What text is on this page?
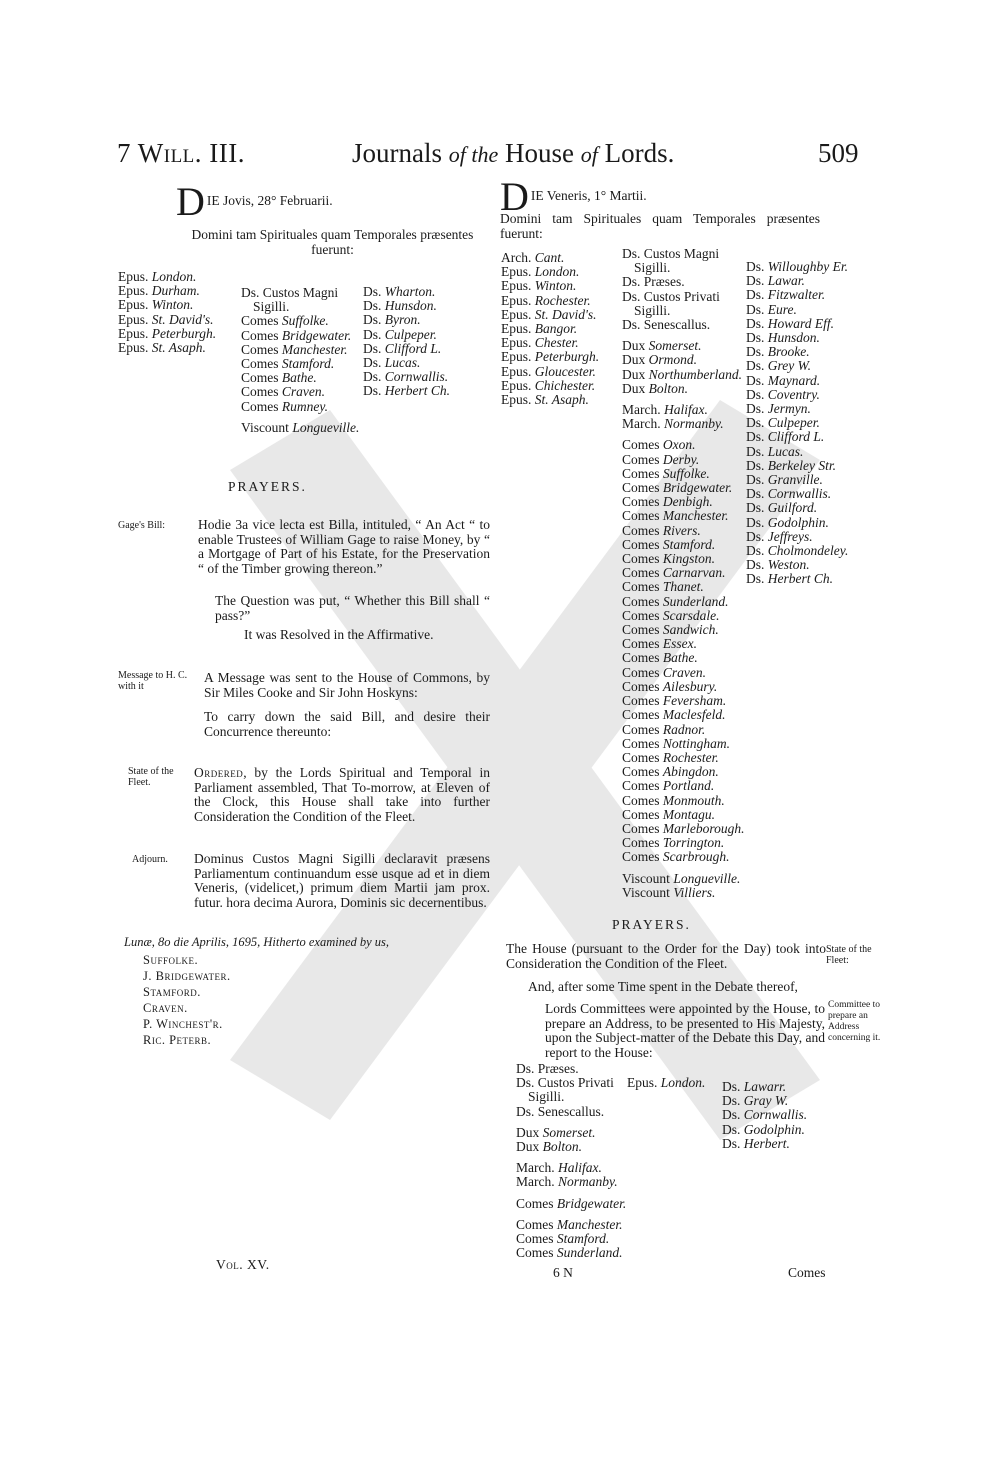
7 Will. III.	Journals of the House of Lords.	509
D $_{IE Jovis, 28^\circ Februarii.}$
Domini tam Spirituales quam Temporales præsentes fuerunt:
Epus. London.
Epus. Durham.
Epus. Winton.
Epus. St. David's.
Epus. Peterburgh.
Epus. St. Asaph.
Ds. Custos Magni
Sigilli.
Comes Suffolke.
Comes Bridgewater.
Comes Manchester.
Comes Stamford.
Comes Bathe.
Comes Craven.
Comes Rumney.
Viscount Longueville.
Ds. Wharton.
Ds. Hunsdon.
Ds. Byron.
Ds. Culpeper.
Ds. Clifford L.
Ds. Lucas.
Ds. Cornwallis.
Ds. Herbert Ch.
PRAYERS.
Gage's Bill: Hodie 3a vice lecta est Billa, intituled, “ An Act “ to enable Trustees of William Gage to raise Money, by “ a Mortgage of Part of his Estate, for the Preservation “ of the Timber growing thereon.”
The Question was put, “ Whether this Bill shall “ pass?”
It was Resolved in the Affirmative.
Message to H. C. with it
A Message was sent to the House of Commons, by Sir Miles Cooke and Sir John Hoskyns:
To carry down the said Bill, and desire their Concurrence thereunto:
State of the Fleet.
Ordered, by the Lords Spiritual and Temporal in Parliament assembled, That To-morrow, at Eleven of the Clock, this House shall take into further Consideration the Condition of the Fleet.
Adjourn. Dominus Custos Magni Sigilli declaravit præsens Parliamentum continuandum esse usque ad et in diem Veneris, (videlicet,) primum diem Martii jam prox. futur. hora decima Aurora, Dominis sic decernentibus.
Lunæ, 8o die Aprilis, 1695, Hitherto examined by us,
Suffolke.
J. Bridgewater.
Stamford.
Craven.
P. Winchest'r.
Ric. Peterb.
Vol. XV.
D $_{IE Veneris, 1^\circ Martii.}$
Domini tam Spirituales quam Temporales præsentes fuerunt:
Arch. Cant.
Epus. London.
Epus. Winton.
Epus. Rochester.
Epus. St. David's.
Epus. Bangor.
Epus. Chester.
Epus. Peterburgh.
Epus. Gloucester.
Epus. Chichester.
Epus. St. Asaph.
Ds. Custos Magni
Sigilli.
Ds. Præses.
Ds. Custos Privati
Sigilli.
Ds. Senescallus.
Dux Somerset.
Dux Ormond.
Dux Northumberland.
Dux Bolton.
March. Halifax.
March. Normanby.
Comes Oxon.
Comes Derby.
Comes Suffolke.
Comes Bridgewater.
Comes Denbigh.
Comes Manchester.
Comes Rivers.
Comes Stamford.
Comes Kingston.
Comes Carnarvan.
Comes Thanet.
Comes Sunderland.
Comes Scarsdale.
Comes Sandwich.
Comes Essex.
Comes Bathe.
Comes Craven.
Comes Ailesbury.
Comes Feversham.
Comes Maclesfeld.
Comes Radnor.
Comes Nottingham.
Comes Rochester.
Comes Abingdon.
Comes Portland.
Comes Monmouth.
Comes Montagu.
Comes Marleborough.
Comes Torrington.
Comes Scarbrough.
Viscount Longueville.
Viscount Villiers.
Ds. Willoughby Er.
Ds. Lawar.
Ds. Fitzwalter.
Ds. Eure.
Ds. Howard Eff.
Ds. Hunsdon.
Ds. Brooke.
Ds. Grey W.
Ds. Maynard.
Ds. Coventry.
Ds. Jermyn.
Ds. Culpeper.
Ds. Clifford L.
Ds. Lucas.
Ds. Berkeley Str.
Ds. Granville.
Ds. Cornwallis.
Ds. Guilford.
Ds. Godolphin.
Ds. Jeffreys.
Ds. Cholmondeley.
Ds. Weston.
Ds. Herbert Ch.
PRAYERS.
The House (pursuant to the Order for the Day) took into Consideration the Condition of the Fleet.
State of the Fleet:
And, after some Time spent in the Debate thereof,
Lords Committees were appointed by the House, to prepare an Address, to be presented to His Majesty, upon the Subject-matter of the Debate this Day, and report to the House:
Committee to prepare an Address concerning it.
Ds. Præses.
Ds. Custos Privati
Sigilli.
Ds. Senescallus.
Dux Somerset.
Dux Bolton.
March. Halifax.
March. Normanby.
Comes Bridgewater.
Comes Manchester.
Comes Stamford.
Comes Sunderland.
Epus. London. Ds. Lawarr.
Ds. Gray W.
Ds. Cornwallis.
Ds. Godolphin.
Ds. Herbert.
6 N	Comes
